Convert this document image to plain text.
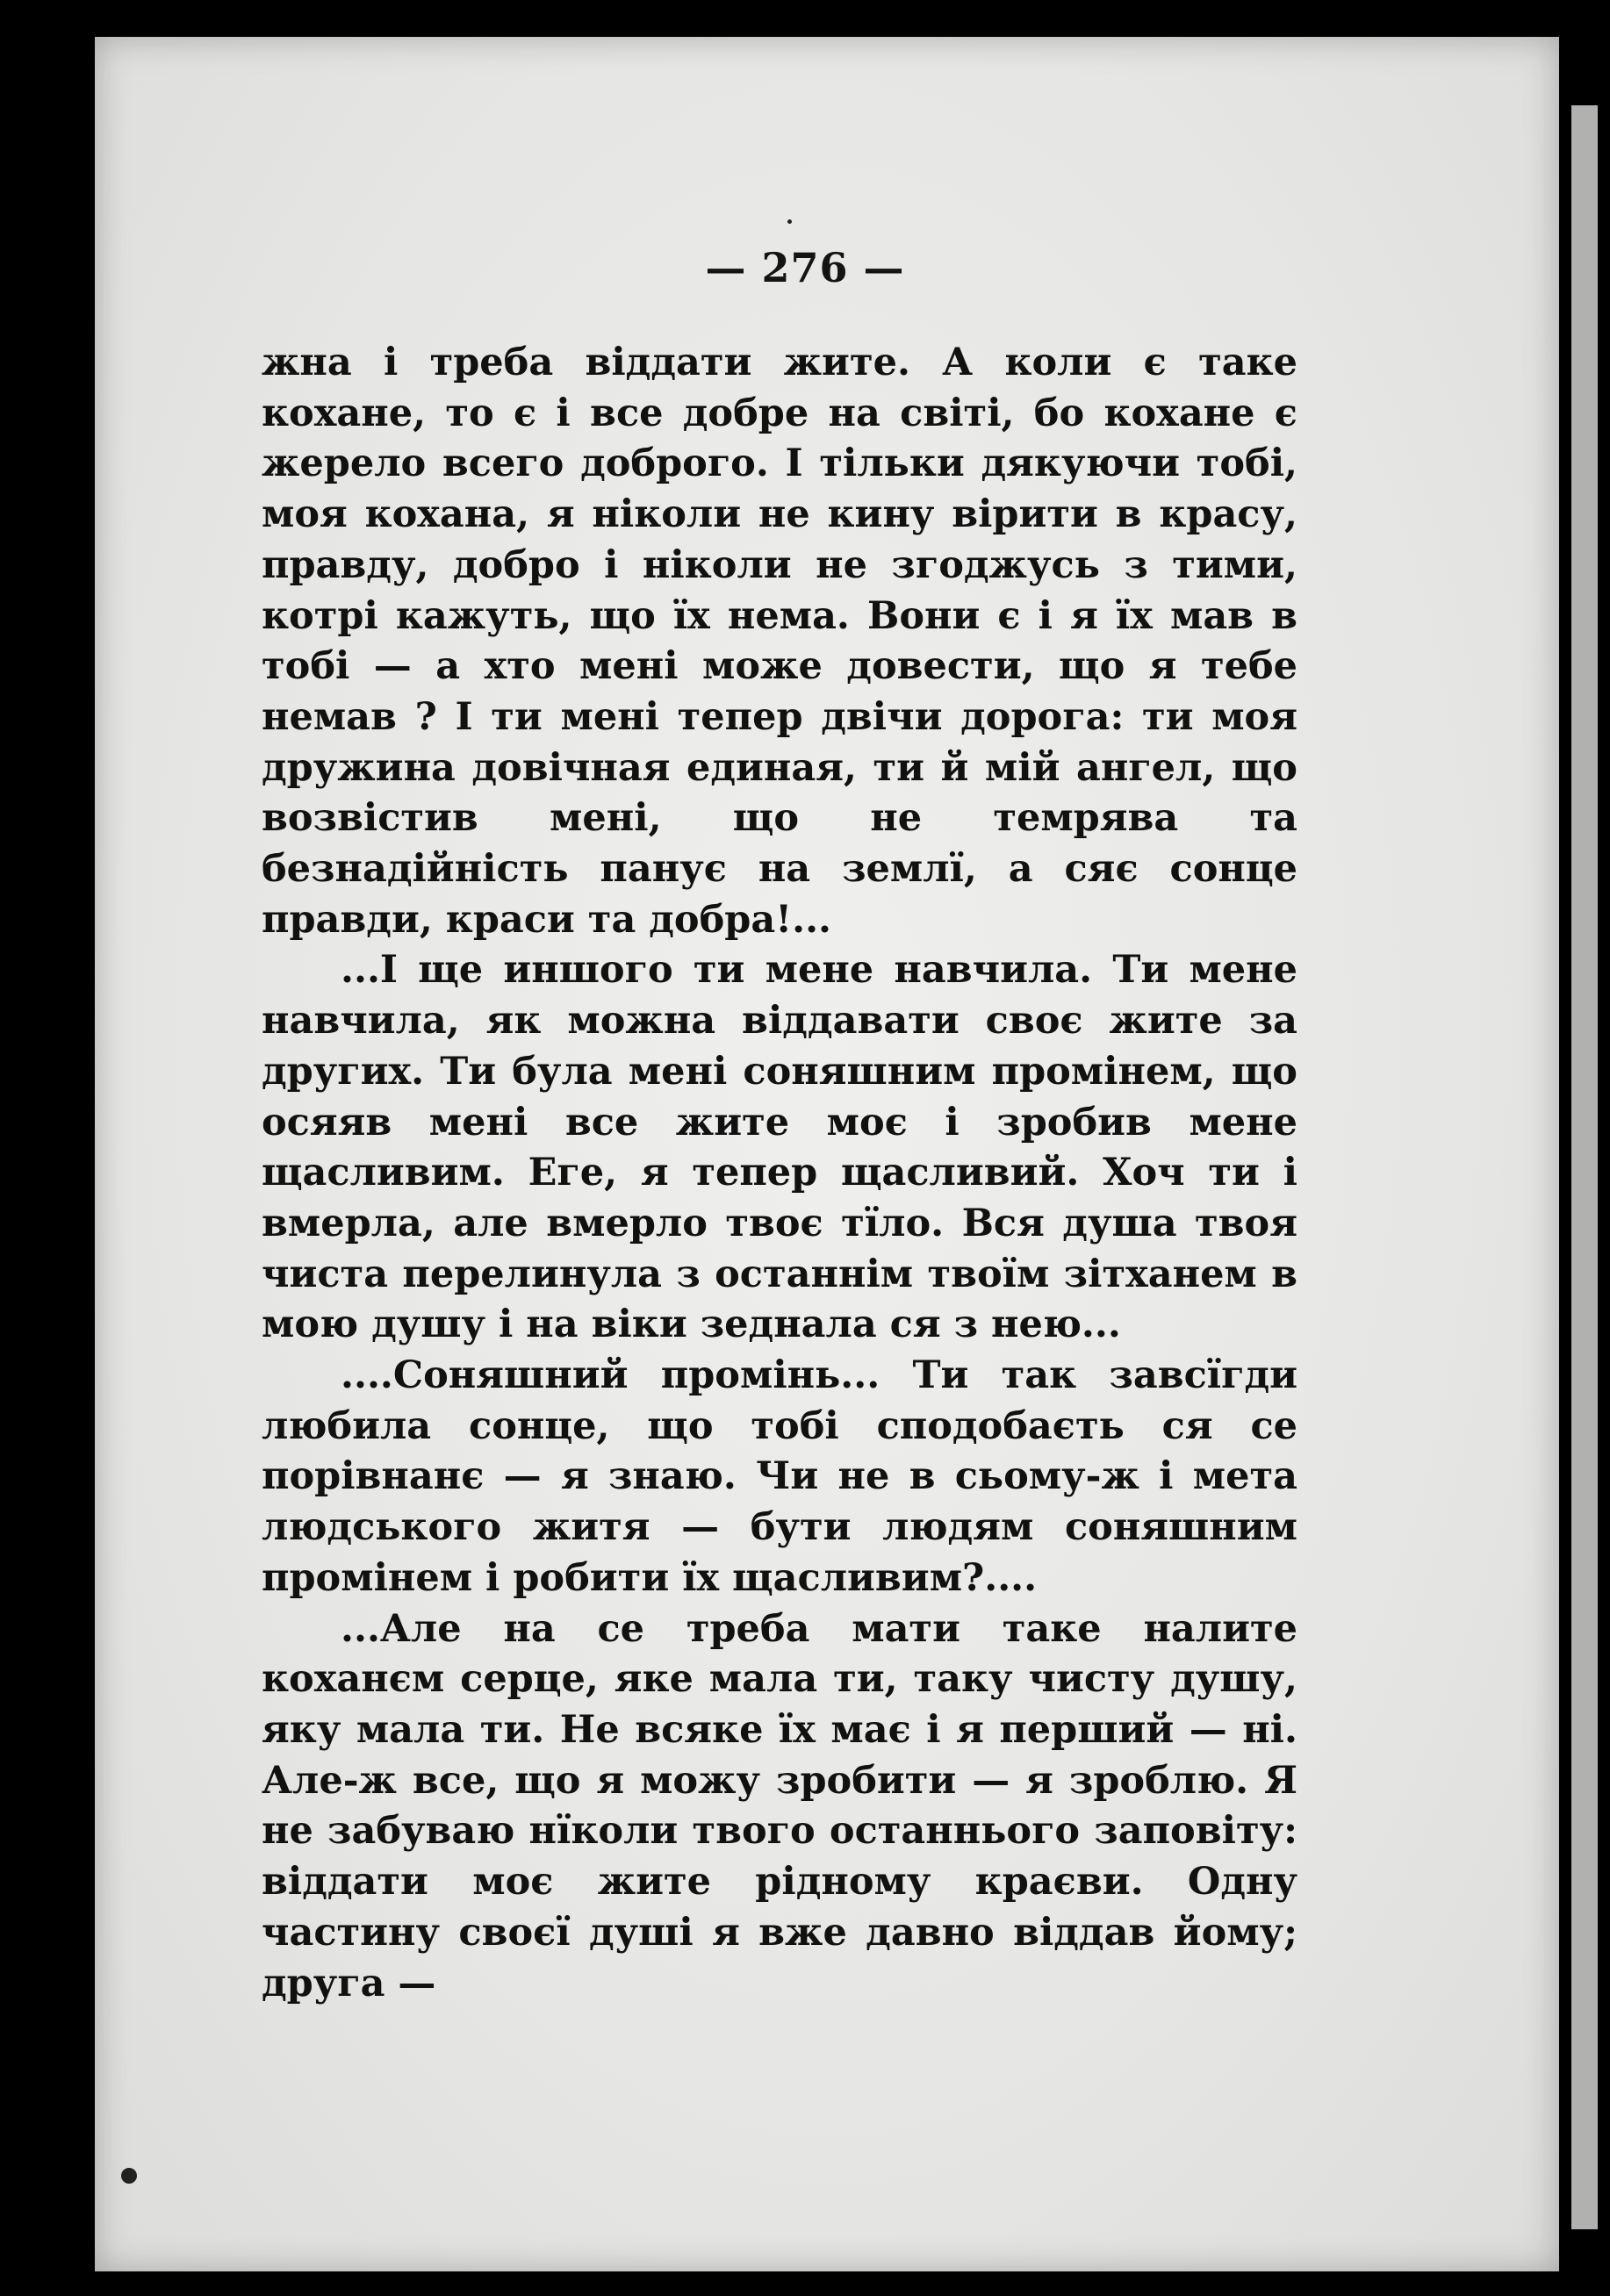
— 276 —

жна і треба віддати жите. А коли є таке кохане, то є і все добре на світі, бо кохане є жерело всего доброго. І тільки дякуючи тобі, моя кохана, я ніколи не кину вірити в красу, правду, добро і ніколи не згоджусь з тими, котрі кажуть, що їх нема. Вони є і я їх мав в тобі — а хто мені може довести, що я тебе немав ? І ти мені тепер двічи дорога: ти моя дружина довічная единая, ти й мій ангел, що возвістив мені, що не темрява та безнадійність панує на землї, а сяє сонце правди, краси та добра!...

...І ще иншого ти мене навчила. Ти мене навчила, як можна віддавати своє жите за других. Ти була мені соняшним промінем, що осяяв мені все жите моє і зробив мене щасливим. Еге, я тепер щасливий. Хоч ти і вмерла, але вмерло твоє тїло. Вся душа твоя чиста перелинула з останнім твоїм зітханем в мою душу і на віки зеднала ся з нею...

....Соняшний промінь... Ти так завсїгди любила сонце, що тобі сподобаєть ся се порівнанє — я знаю. Чи не в сьому-ж і мета людського житя — бути людям соняшним промінем і робити їх щасливим?....

...Але на се треба мати таке налите коханєм серце, яке мала ти, таку чисту душу, яку мала ти. Не всяке їх має і я перший — ні. Але-ж все, що я можу зробити — я зроблю. Я не забуваю нїколи твого останнього заповіту: віддати моє жите рідному краєви. Одну частину своєї душі я вже давно віддав йому; друга —
